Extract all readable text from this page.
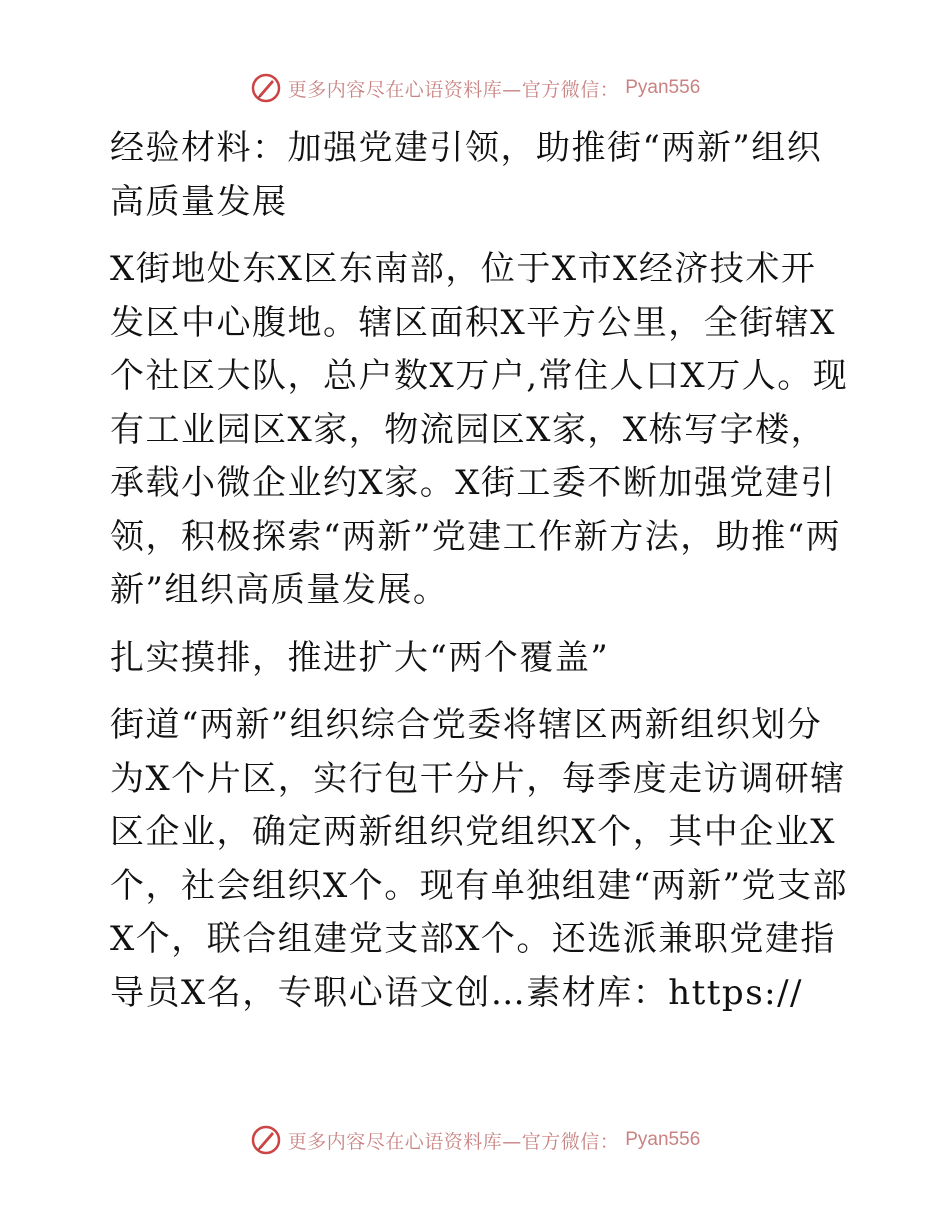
更多内容尽在心语资料库—官方微信： Pyan556

经验材料：加强党建引领，助推街“两新”组织高质量发展

X街地处东X区东南部，位于X市X经济技术开发区中心腹地。辖区面积X平方公里，全街辖X个社区大队，总户数X万户,常住人口X万人。现有工业园区X家，物流园区X家，X栋写字楼，承载小微企业约X家。X街工委不断加强党建引领，积极探索“两新”党建工作新方法，助推“两新”组织高质量发展。

扎实摸排，推进扩大“两个覆盖”

街道“两新”组织综合党委将辖区两新组织划分为X个片区，实行包干分片，每季度走访调研辖区企业，确定两新组织党组织X个，其中企业X个，社会组织X个。现有单独组建“两新”党支部X个，联合组建党支部X个。还选派兼职党建指导员X名，专职心语文创…素材库：https://

更多内容尽在心语资料库—官方微信： Pyan556
